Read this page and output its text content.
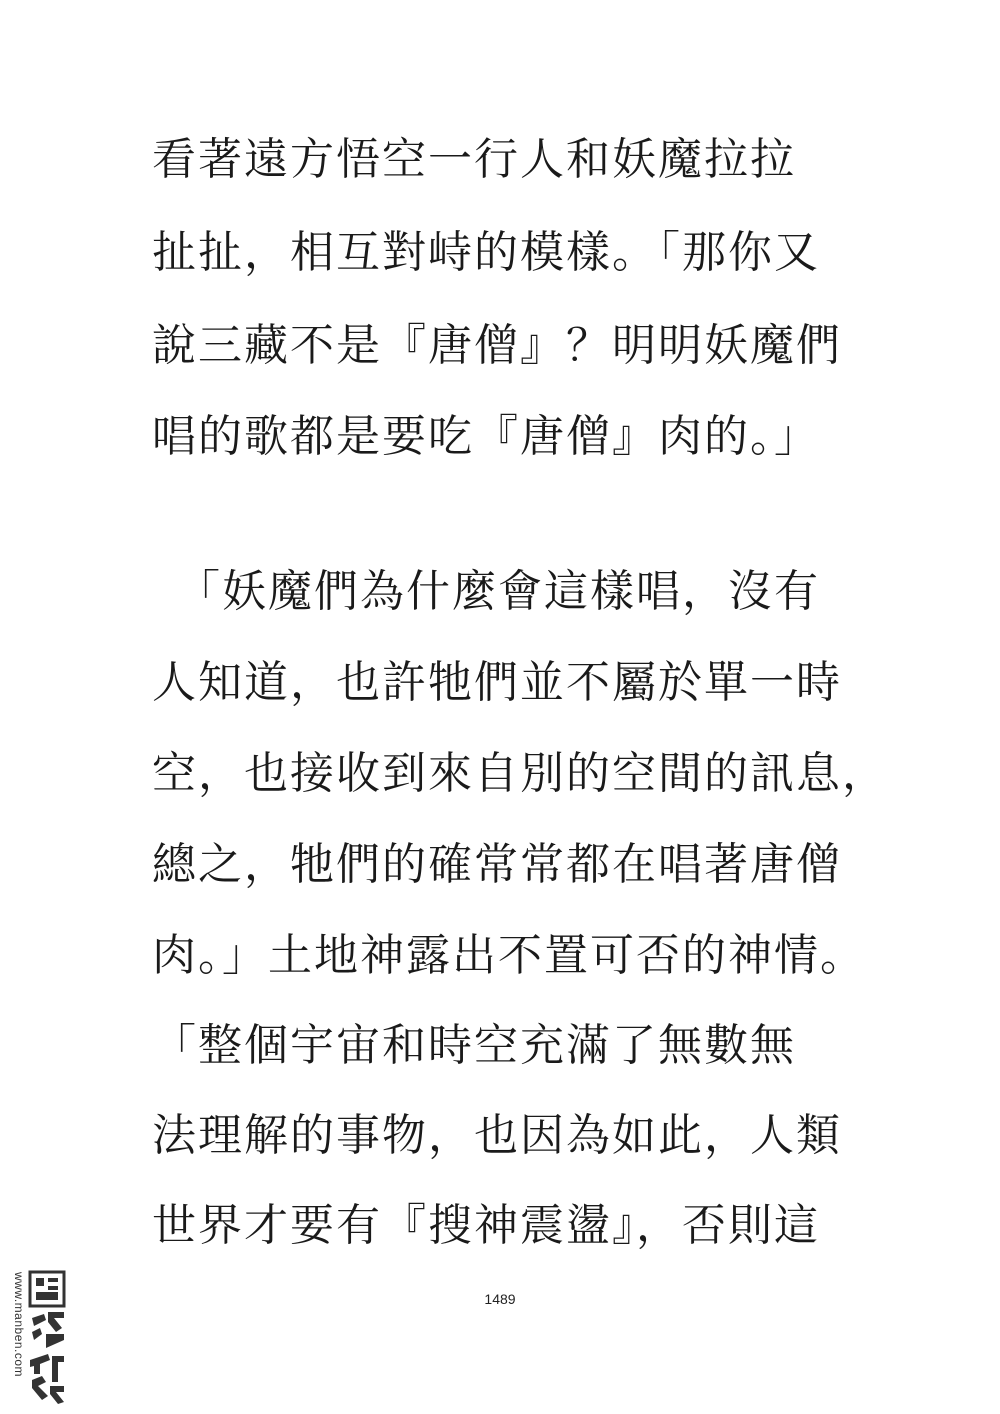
看著遠方悟空一行人和妖魔拉拉
扯扯，相互對峙的模樣。「那你又
說三藏不是『唐僧』？明明妖魔們
唱的歌都是要吃『唐僧』肉的。」
　「妖魔們為什麼會這樣唱，沒有
人知道，也許牠們並不屬於單一時
空，也接收到來自別的空間的訊息，
總之，牠們的確常常都在唱著唐僧
肉。」土地神露出不置可否的神情。
「整個宇宙和時空充滿了無數無
法理解的事物，也因為如此，人類
世界才要有『搜神震盪』，否則這
1489
www.manben.com
